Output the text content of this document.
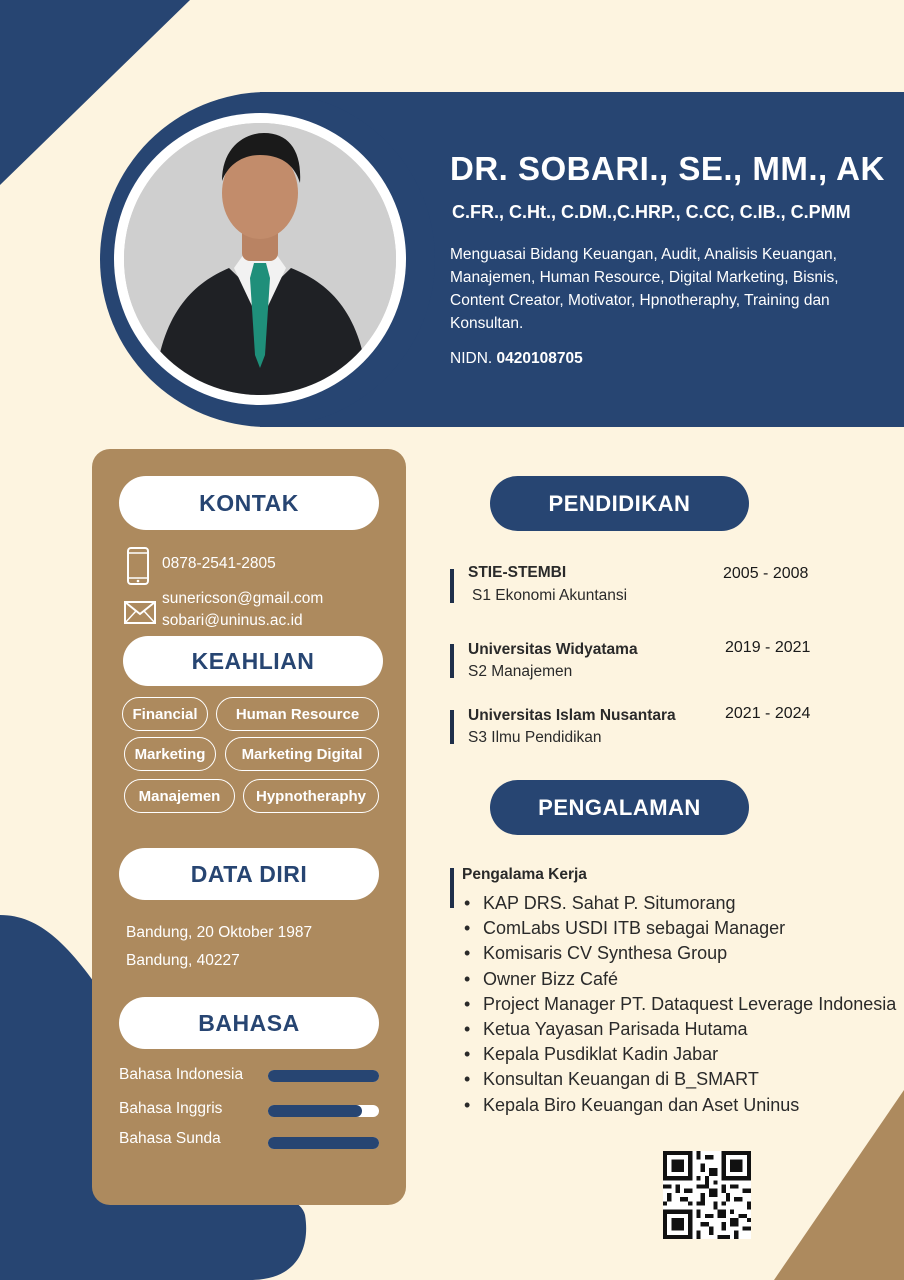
DR. SOBARI., SE., MM., AK
C.FR., C.Ht., C.DM.,C.HRP., C.CC, C.IB., C.PMM
Menguasai Bidang Keuangan, Audit, Analisis Keuangan, Manajemen, Human Resource, Digital Marketing, Bisnis, Content Creator, Motivator, Hpnotheraphy, Training dan Konsultan.
NIDN. 0420108705
KONTAK
0878-2541-2805
sunericson@gmail.com
sobari@uninus.ac.id
KEAHLIAN
Financial	Human Resource
Marketing	Marketing Digital
Manajemen	Hypnotheraphy
DATA DIRI
Bandung, 20 Oktober 1987
Bandung, 40227
BAHASA
Bahasa Indonesia
Bahasa Inggris
Bahasa Sunda
PENDIDIKAN
STIE-STEMBI
S1 Ekonomi Akuntansi
2005 - 2008
Universitas Widyatama
S2 Manajemen
2019 - 2021
Universitas Islam Nusantara
S3 Ilmu Pendidikan
2021 - 2024
PENGALAMAN
Pengalama Kerja
• KAP DRS. Sahat P. Situmorang
• ComLabs USDI ITB sebagai Manager
• Komisaris CV Synthesa Group
• Owner Bizz Café
• Project Manager PT. Dataquest Leverage Indonesia
• Ketua Yayasan Parisada Hutama
• Kepala Pusdiklat Kadin Jabar
• Konsultan Keuangan di B_SMART
• Kepala Biro Keuangan dan Aset Uninus
